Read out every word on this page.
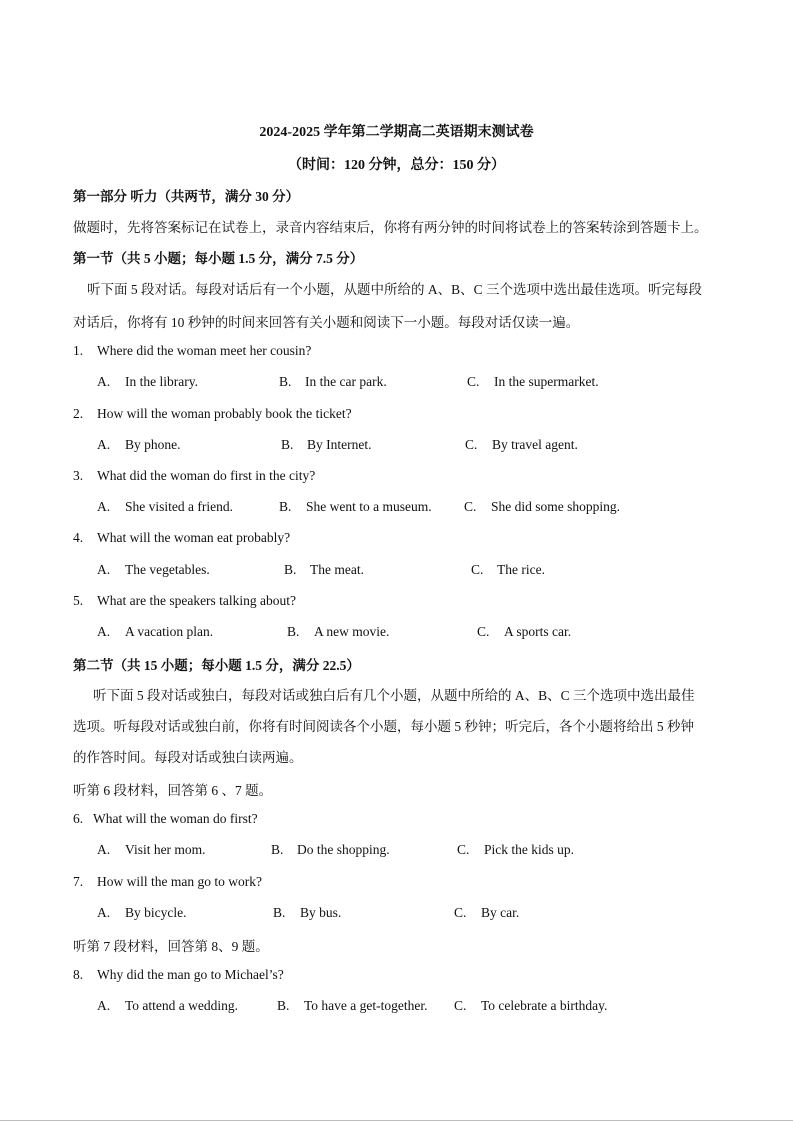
2024-2025 学年第二学期高二英语期末测试卷
（时间：120 分钟，总分：150 分）
第一部分 听力（共两节，满分 30 分）
做题时，先将答案标记在试卷上，录音内容结束后，你将有两分钟的时间将试卷上的答案转涂到答题卡上。
第一节（共 5 小题；每小题 1.5 分，满分 7.5 分）
听下面 5 段对话。每段对话后有一个小题，从题中所给的 A、B、C 三个选项中选出最佳选项。听完每段
对话后，你将有 10 秒钟的时间来回答有关小题和阅读下一小题。每段对话仅读一遍。
1. Where did the woman meet her cousin?
A. In the library.	B. In the car park.	C. In the supermarket.
2. How will the woman probably book the ticket?
A. By phone.	B. By Internet.	C. By travel agent.
3. What did the woman do first in the city?
A. She visited a friend.	B. She went to a museum. C. She did some shopping.
4. What will the woman eat probably?
A. The vegetables.	B. The meat.	C. The rice.
5. What are the speakers talking about?
A. A vacation plan.	B. A new movie.	C. A sports car.
第二节（共 15 小题；每小题 1.5 分，满分 22.5）
听下面 5 段对话或独白，每段对话或独白后有几个小题，从题中所给的 A、B、C 三个选项中选出最佳
选项。听每段对话或独白前，你将有时间阅读各个小题，每小题 5 秒钟；听完后，各个小题将给出 5 秒钟
的作答时间。每段对话或独白读两遍。
听第 6 段材料，回答第 6 、7 题。
6. What will the woman do first?
A. Visit her mom.	B. Do the shopping.	C. Pick the kids up.
7. How will the man go to work?
A. By bicycle.	B. By bus.	C. By car.
听第 7 段材料，回答第 8、9 题。
8. Why did the man go to Michael’s?
A. To attend a wedding.	B. To have a get-together. C. To celebrate a birthday.
